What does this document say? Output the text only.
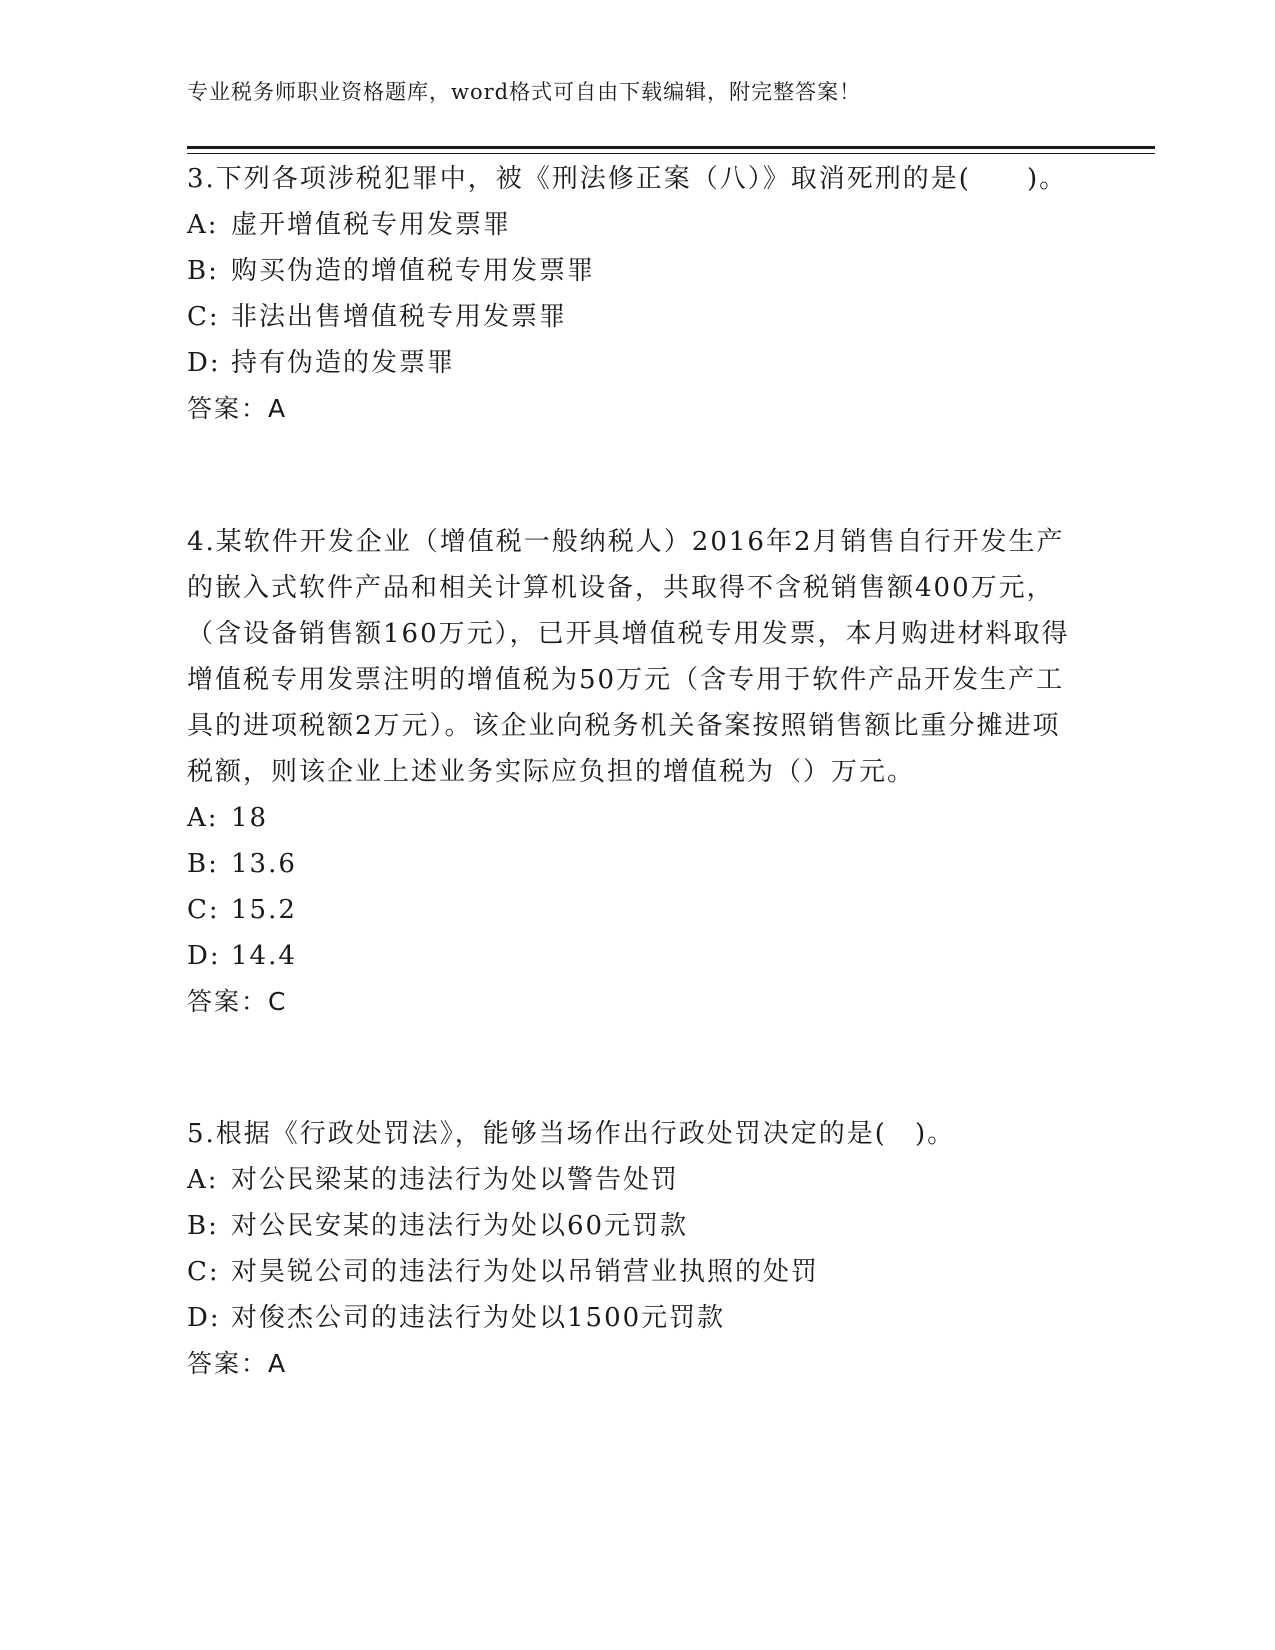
专业税务师职业资格题库，word格式可自由下载编辑，附完整答案！

3.下列各项涉税犯罪中，被《刑法修正案（八）》取消死刑的是(　　)。

A: 虚开增值税专用发票罪

B: 购买伪造的增值税专用发票罪

C: 非法出售增值税专用发票罪

D: 持有伪造的发票罪

答案：A

4.某软件开发企业（增值税一般纳税人）2016年2月销售自行开发生产的嵌入式软件产品和相关计算机设备，共取得不含税销售额400万元，（含设备销售额160万元），已开具增值税专用发票，本月购进材料取得增值税专用发票注明的增值税为50万元（含专用于软件产品开发生产工具的进项税额2万元）。该企业向税务机关备案按照销售额比重分摊进项税额，则该企业上述业务实际应负担的增值税为（）万元。

A: 18

B: 13.6

C: 15.2

D: 14.4

答案：C

5.根据《行政处罚法》，能够当场作出行政处罚决定的是(　)。

A: 对公民梁某的违法行为处以警告处罚

B: 对公民安某的违法行为处以60元罚款

C: 对昊锐公司的违法行为处以吊销营业执照的处罚

D: 对俊杰公司的违法行为处以1500元罚款

答案：A
